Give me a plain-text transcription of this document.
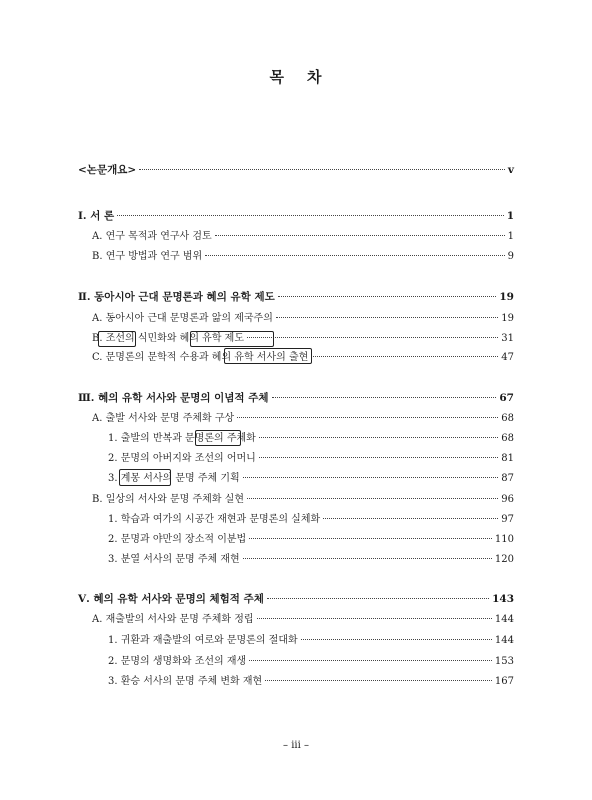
목 차
<논문개요>	v
Ⅰ. 서 론	1
A. 연구 목적과 연구사 검토	1
B. 연구 방법과 연구 범위	9
Ⅱ. 동아시아 근대 문명론과 혜의 유학 제도	19
A. 동아시아 근대 문명론과 앎의 제국주의	19
B. 조선의 식민화와 혜의 유학 제도	31
C. 문명론의 문학적 수용과 혜의 유학 서사의 출현	47
Ⅲ. 혜의 유학 서사와 문명의 이념적 주체	67
A. 출발 서사와 문명 주체화 구상	68
1. 출발의 반복과 문명론의 주체화	68
2. 문명의 아버지와 조선의 어머니	81
3. 계몽 서사의 문명 주체 기획	87
B. 일상의 서사와 문명 주체화 실현	96
1. 학습과 여가의 시공간 재현과 문명론의 실체화	97
2. 문명과 야만의 장소적 이분법	110
3. 분열 서사의 문명 주체 재현	120
Ⅴ. 혜의 유학 서사와 문명의 체험적 주체	143
A. 재출발의 서사와 문명 주체화 정립	144
1. 귀환과 재출발의 여로와 문명론의 절대화	144
2. 문명의 생명화와 조선의 재생	153
3. 환승 서사의 문명 주체 변화 재현	167
– iii –
